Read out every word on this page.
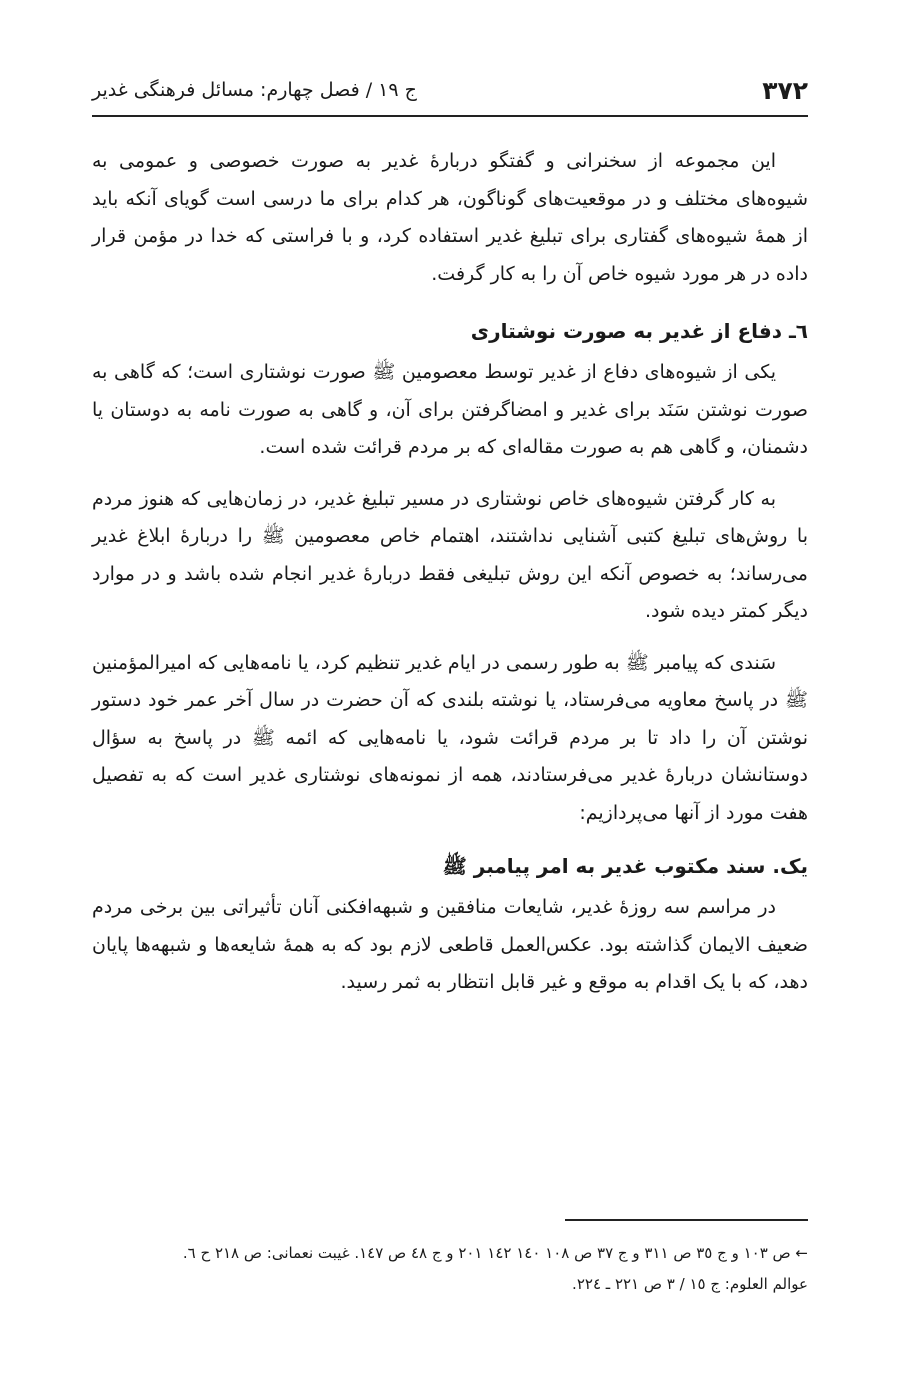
٣٧٢
ج ١٩ / فصل چهارم: مسائل فرهنگی غدیر

این مجموعه از سخنرانی و گفتگو دربارۀ غدیر به صورت خصوصی و عمومی به شیوه‌های مختلف و در موقعیت‌های گوناگون، هر کدام برای ما درسی است گویای آنکه باید از همۀ شیوه‌های گفتاری برای تبلیغ غدیر استفاده کرد، و با فراستی که خدا در مؤمن قرار داده در هر مورد شیوه خاص آن را به کار گرفت.

٦ـ دفاع از غدیر به صورت نوشتاری

یکی از شیوه‌های دفاع از غدیر توسط معصومین ﷺ صورت نوشتاری است؛ که گاهی به صورت نوشتن سَنَد برای غدیر و امضاگرفتن برای آن، و گاهی به صورت نامه به دوستان یا دشمنان، و گاهی هم به صورت مقاله‌ای که بر مردم قرائت شده است.

به کار گرفتن شیوه‌های خاص نوشتاری در مسیر تبلیغ غدیر، در زمان‌هایی که هنوز مردم با روش‌های تبلیغ کتبی آشنایی نداشتند، اهتمام خاص معصومین ﷺ را دربارۀ ابلاغ غدیر می‌رساند؛ به خصوص آنکه این روش تبلیغی فقط دربارۀ غدیر انجام شده باشد و در موارد دیگر کمتر دیده شود.

سَندی که پیامبر ﷺ به طور رسمی در ایام غدیر تنظیم کرد، یا نامه‌هایی که امیرالمؤمنین ﷺ در پاسخ معاویه می‌فرستاد، یا نوشته بلندی که آن حضرت در سال آخر عمر خود دستور نوشتن آن را داد تا بر مردم قرائت شود، یا نامه‌هایی که ائمه ﷺ در پاسخ به سؤال دوستانشان دربارۀ غدیر می‌فرستادند، همه از نمونه‌های نوشتاری غدیر است که به تفصیل هفت مورد از آنها می‌پردازیم:

یک. سند مکتوب غدیر به امر پیامبر ﷺ

در مراسم سه روزۀ غدیر، شایعات منافقین و شبهه‌افکنی آنان تأثیراتی بین برخی مردم ضعیف الایمان گذاشته بود. عکس‌العمل قاطعی لازم بود که به همۀ شایعه‌ها و شبهه‌ها پایان دهد، که با یک اقدام به موقع و غیر قابل انتظار به ثمر رسید.

← ص ١٠٣ و ج ٣٥ ص ٣١١ و ج ٣٧ ص ١٠٨ ١٤٠ ١٤٢ ٢٠١ و ج ٤٨ ص ١٤٧. غیبت نعمانی: ص ٢١٨ ح ٦.

عوالم العلوم: ج ١٥ / ٣ ص ٢٢١ ـ ٢٢٤.
